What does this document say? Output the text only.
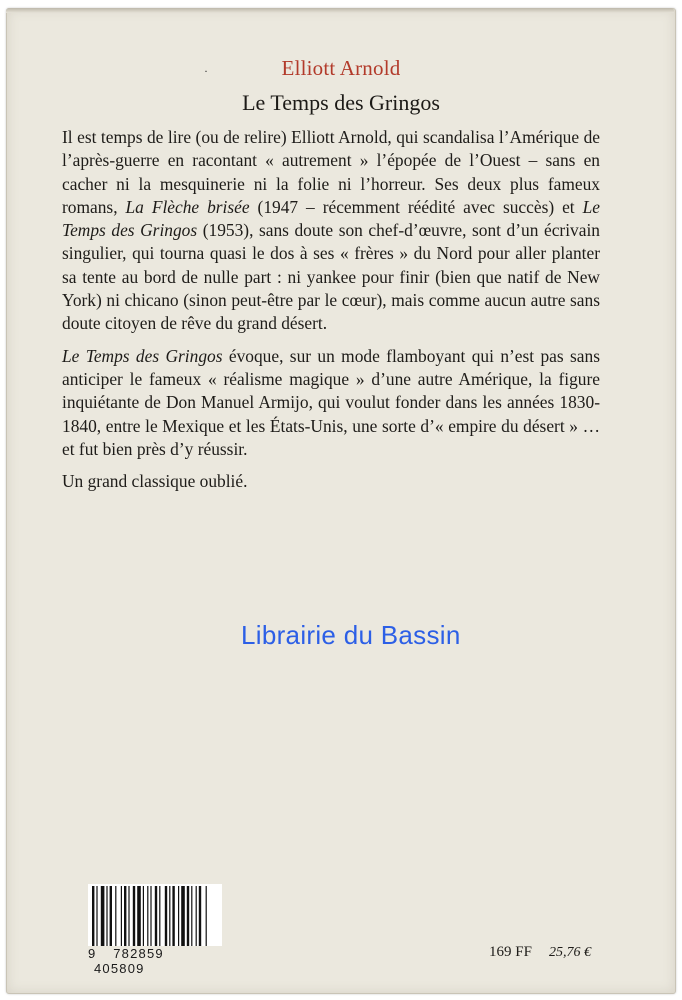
·	Elliott Arnold
Le Temps des Gringos

Il est temps de lire (ou de relire) Elliott Arnold, qui scandalisa l’Amérique de l’après-guerre en racontant « autrement » l’épopée de l’Ouest – sans en cacher ni la mesquinerie ni la folie ni l’horreur. Ses deux plus fameux romans, La Flèche brisée (1947 – récemment réédité avec succès) et Le Temps des Gringos (1953), sans doute son chef-d’œuvre, sont d’un écrivain singulier, qui tourna quasi le dos à ses « frères » du Nord pour aller planter sa tente au bord de nulle part : ni yankee pour finir (bien que natif de New York) ni chicano (sinon peut-être par le cœur), mais comme aucun autre sans doute citoyen de rêve du grand désert.

Le Temps des Gringos évoque, sur un mode flamboyant qui n’est pas sans anticiper le fameux « réalisme magique » d’une autre Amérique, la figure inquiétante de Don Manuel Armijo, qui voulut fonder dans les années 1830-1840, entre le Mexique et les États-Unis, une sorte d’« empire du désert » … et fut bien près d’y réussir.

Un grand classique oublié.

Librairie du Bassin
9 782859 405809
169 FF 25,76 €
